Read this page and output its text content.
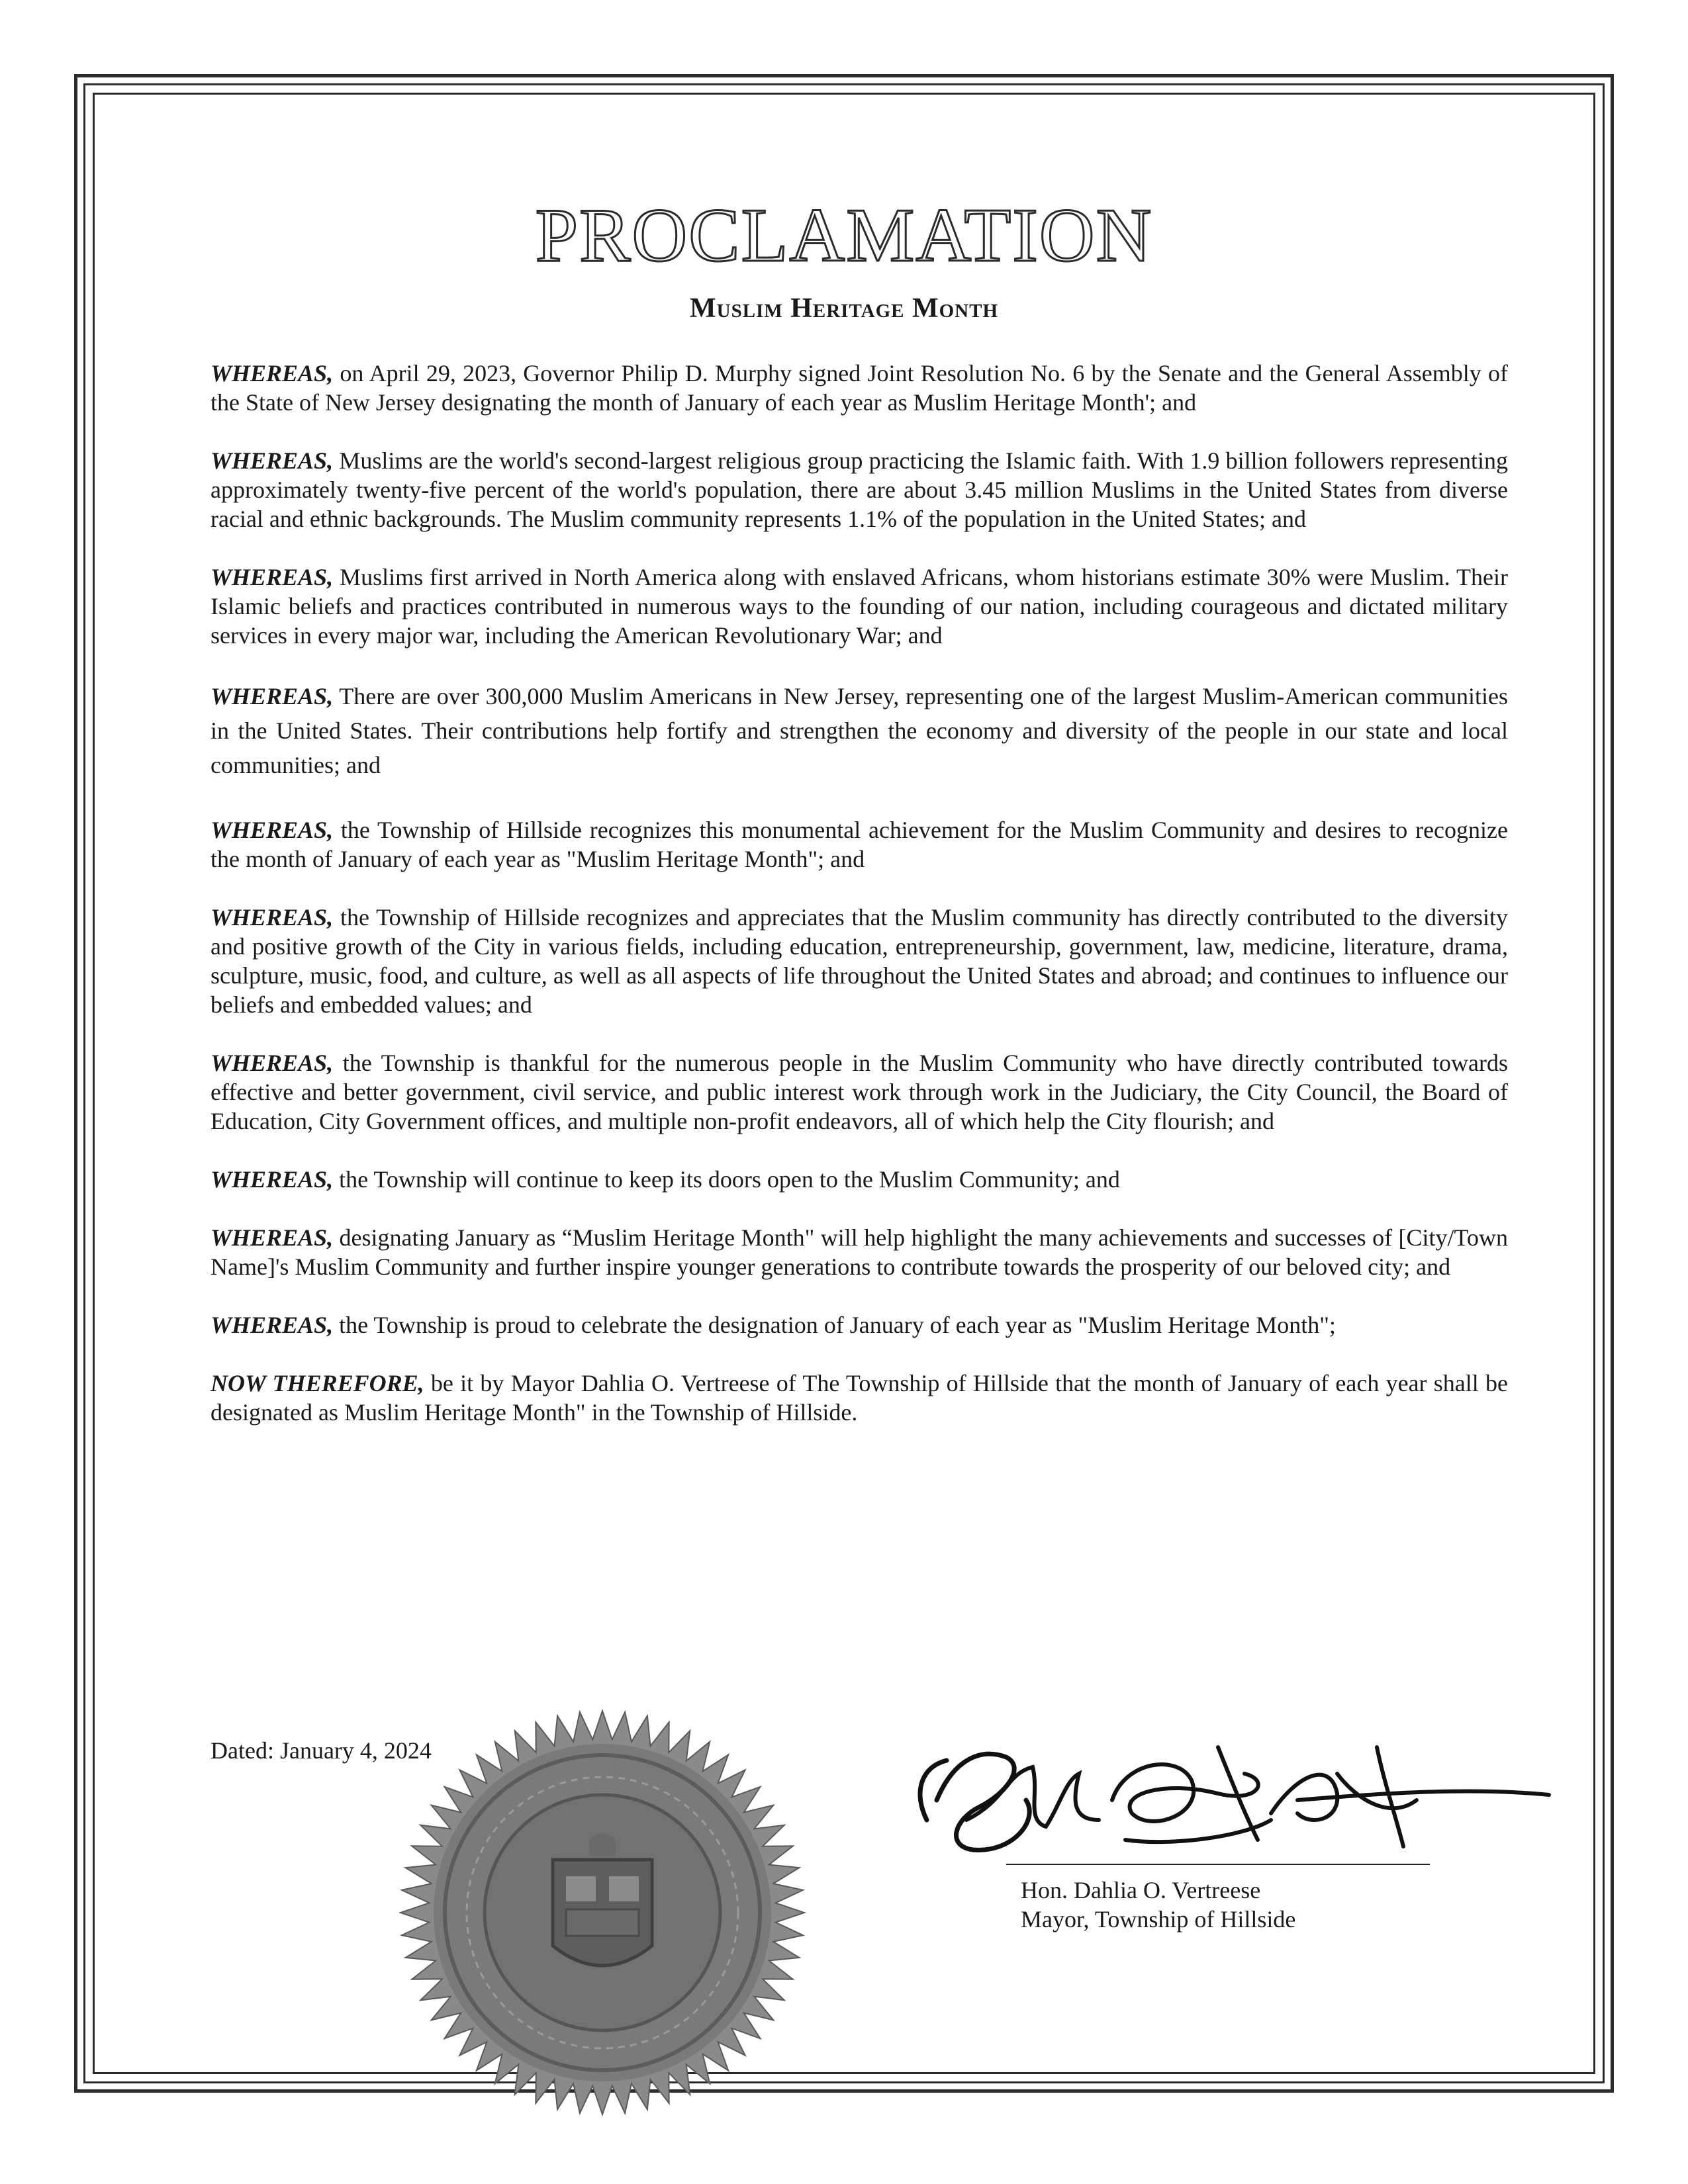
PROCLAMATION
Muslim Heritage Month

WHEREAS, on April 29, 2023, Governor Philip D. Murphy signed Joint Resolution No. 6 by the Senate and the General Assembly of the State of New Jersey designating the month of January of each year as Muslim Heritage Month'; and

WHEREAS, Muslims are the world's second-largest religious group practicing the Islamic faith. With 1.9 billion followers representing approximately twenty-five percent of the world's population, there are about 3.45 million Muslims in the United States from diverse racial and ethnic backgrounds. The Muslim community represents 1.1% of the population in the United States; and

WHEREAS, Muslims first arrived in North America along with enslaved Africans, whom historians estimate 30% were Muslim. Their Islamic beliefs and practices contributed in numerous ways to the founding of our nation, including courageous and dictated military services in every major war, including the American Revolutionary War; and

WHEREAS, There are over 300,000 Muslim Americans in New Jersey, representing one of the largest Muslim-American communities in the United States. Their contributions help fortify and strengthen the economy and diversity of the people in our state and local communities; and

WHEREAS, the Township of Hillside recognizes this monumental achievement for the Muslim Community and desires to recognize the month of January of each year as "Muslim Heritage Month"; and

WHEREAS, the Township of Hillside recognizes and appreciates that the Muslim community has directly contributed to the diversity and positive growth of the City in various fields, including education, entrepreneurship, government, law, medicine, literature, drama, sculpture, music, food, and culture, as well as all aspects of life throughout the United States and abroad; and continues to influence our beliefs and embedded values; and

WHEREAS, the Township is thankful for the numerous people in the Muslim Community who have directly contributed towards effective and better government, civil service, and public interest work through work in the Judiciary, the City Council, the Board of Education, City Government offices, and multiple non-profit endeavors, all of which help the City flourish; and

WHEREAS, the Township will continue to keep its doors open to the Muslim Community; and

WHEREAS, designating January as “Muslim Heritage Month" will help highlight the many achievements and successes of [City/Town Name]'s Muslim Community and further inspire younger generations to contribute towards the prosperity of our beloved city; and

WHEREAS, the Township is proud to celebrate the designation of January of each year as "Muslim Heritage Month";

NOW THEREFORE, be it by Mayor Dahlia O. Vertreese of The Township of Hillside that the month of January of each year shall be designated as Muslim Heritage Month" in the Township of Hillside.

Dated: January 4, 2024
Hon. Dahlia O. Vertreese
Mayor, Township of Hillside
